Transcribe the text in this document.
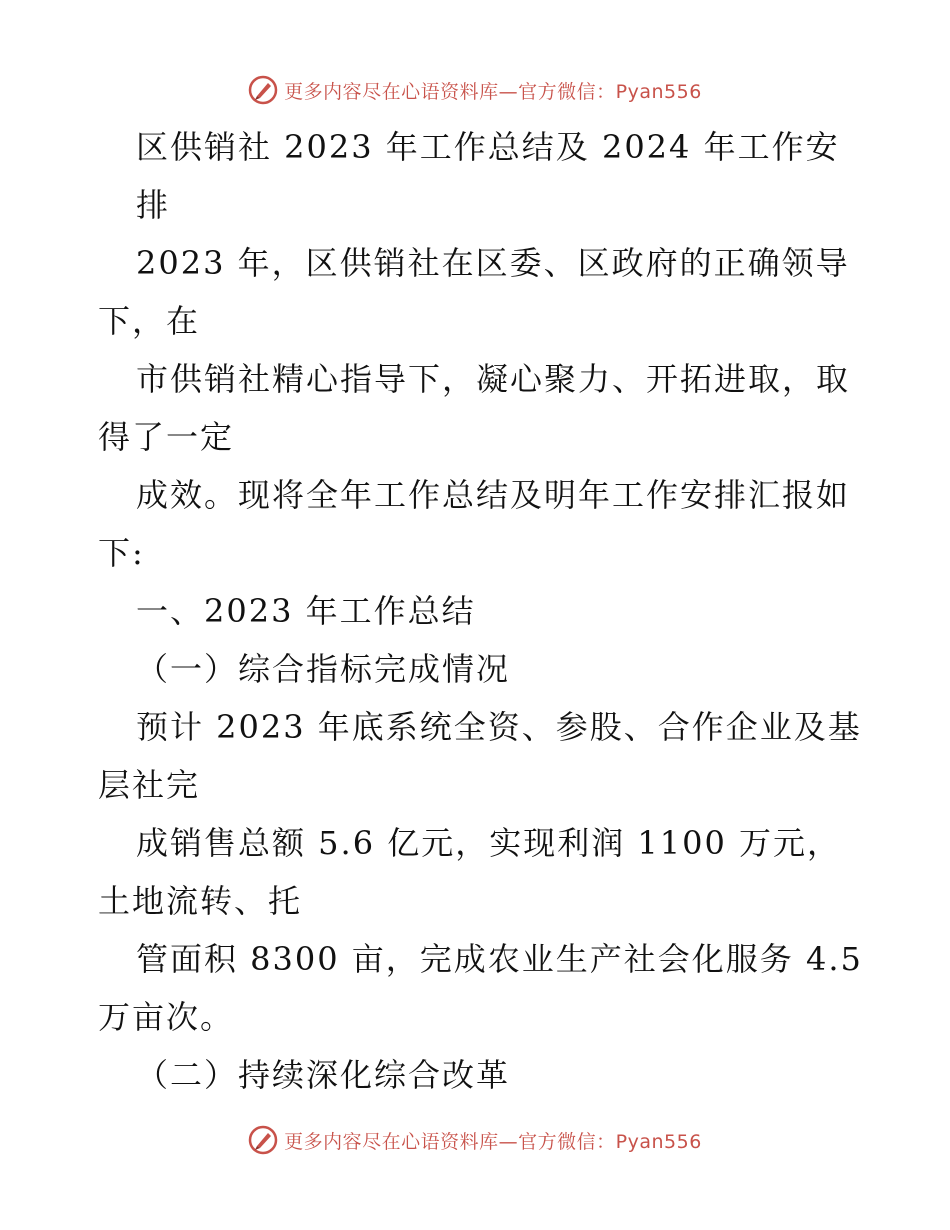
更多内容尽在心语资料库—官方微信：Pyan556
区供销社 2023 年工作总结及 2024 年工作安
排
2023 年，区供销社在区委、区政府的正确领导
下，在
市供销社精心指导下，凝心聚力、开拓进取，取
得了一定
成效。现将全年工作总结及明年工作安排汇报如
下:
一、2023 年工作总结
（一）综合指标完成情况
预计 2023 年底系统全资、参股、合作企业及基
层社完
成销售总额 5.6 亿元，实现利润 1100 万元，
土地流转、托
管面积 8300 亩，完成农业生产社会化服务 4.5
万亩次。
（二）持续深化综合改革
更多内容尽在心语资料库—官方微信：Pyan556
